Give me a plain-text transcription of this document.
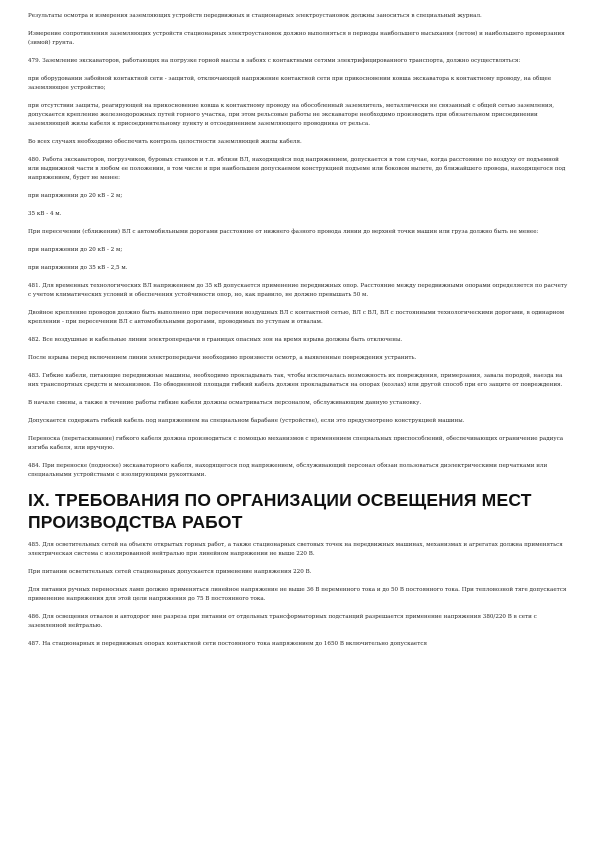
Результаты осмотра и измерения заземляющих устройств передвижных и стационарных электроустановок должны заноситься в специальный журнал.

Измерение сопротивления заземляющих устройств стационарных электроустановок должно выполняться в периоды наибольшего высыхания (летом) и наибольшего промерзания (зимой) грунта.

479. Заземление экскаваторов, работающих на погрузке горной массы в забоях с контактными сетями электрифицированного транспорта, должно осуществляться:

при оборудовании забойной контактной сети - защитой, отключающей напряжение контактной сети при прикосновении ковша экскаватора к контактному проводу, на общее заземляющее устройство;

при отсутствии защиты, реагирующей на прикосновение ковша к контактному проводу на обособленный заземлитель, металлически не связанный с общей сетью заземления, допускается крепление железнодорожных путей горного участка, при этом рельсовые работы не экскаваторе необходимо производить при обязательном присоединении заземляющей жилы кабеля к присоединительному пункту и отсоединением заземляющего проводника от рельса.

Во всех случаях необходимо обеспечить контроль целостности заземляющей жилы кабеля.

480. Работа экскаваторов, погрузчиков, буровых станков и т.п. вблизи ВЛ, находящейся под напряжением, допускается в том случае, когда расстояние по воздуху от подъемной или выдвижной части в любом ее положении, в том числе и при наибольшем допускаемом конструкцией подъеме или боковом вылете, до ближайшего провода, находящегося под напряжением, будет не менее:

при напряжении до 20 кВ - 2 м;

35 кВ - 4 м.

При пересечении (сближении) ВЛ с автомобильными дорогами расстояние от нижнего фазного провода линии до верхней точки машин или груза должно быть не менее:

при напряжении до 20 кВ - 2 м;

при напряжении до 35 кВ - 2,5 м.

481. Для временных технологических ВЛ напряжением до 35 кВ допускается применение передвижных опор. Расстояние между передвижными опорами определяется по расчету с учетом климатических условий и обеспечения устойчивости опор, но, как правило, не должно превышать 50 м.

Двойное крепление проводов должно быть выполнено при пересечении воздушных ВЛ с контактной сетью, ВЛ с ВЛ, ВЛ с постоянными технологическими дорогами, в одинарном креплении - при пересечении ВЛ с автомобильными дорогами, проводимых по уступам и отвалам.

482. Все воздушные и кабельные линии электропередачи в границах опасных зон на время взрыва должны быть отключены.

После взрыва перед включением линии электропередачи необходимо произвести осмотр, а выявленные повреждения устранить.

483. Гибкие кабели, питающие передвижные машины, необходимо прокладывать так, чтобы исключалась возможность их повреждения, примерзания, завала породой, наезда на них транспортных средств и механизмов. По обводненной площади гибкий кабель должен прокладываться на опорах (козлах) или другой способ при его защите от повреждения.

В начале смены, а также в течение работы гибкие кабели должны осматриваться персоналом, обслуживающим данную установку.

Допускается содержать гибкий кабель под напряжением на специальном барабане (устройстве), если это предусмотрено конструкцией машины.

Переноска (перетаскивание) гибкого кабеля должна производиться с помощью механизмов с применением специальных приспособлений, обеспечивающих ограничение радиуса изгиба кабеля, или вручную.

484. При переноске (подноске) экскаваторного кабеля, находящегося под напряжением, обслуживающий персонал обязан пользоваться диэлектрическими перчатками или специальными устройствами с изолирующими рукоятками.

IX. ТРЕБОВАНИЯ ПО ОРГАНИЗАЦИИ ОСВЕЩЕНИЯ МЕСТ ПРОИЗВОДСТВА РАБОТ

485. Для осветительных сетей на объекте открытых горных работ, а также стационарных световых точек на передвижных машинах, механизмах и агрегатах должна применяться электрическая система с изолированной нейтралью при линейном напряжении не выше 220 В.

При питании осветительных сетей стационарных допускается применение напряжения 220 В.

Для питания ручных переносных ламп должно применяться линейное напряжение не выше 36 В переменного тока и до 50 В постоянного тока. При тепловозной тяге допускается применение напряжения для этой цели напряжения до 75 В постоянного тока.

486. Для освещения отвалов и автодорог вне разреза при питании от отдельных трансформаторных подстанций разрешается применение напряжения 380/220 В в сети с заземленной нейтралью.

487. На стационарных и передвижных опорах контактной сети постоянного тока напряжением до 1650 В включительно допускается
